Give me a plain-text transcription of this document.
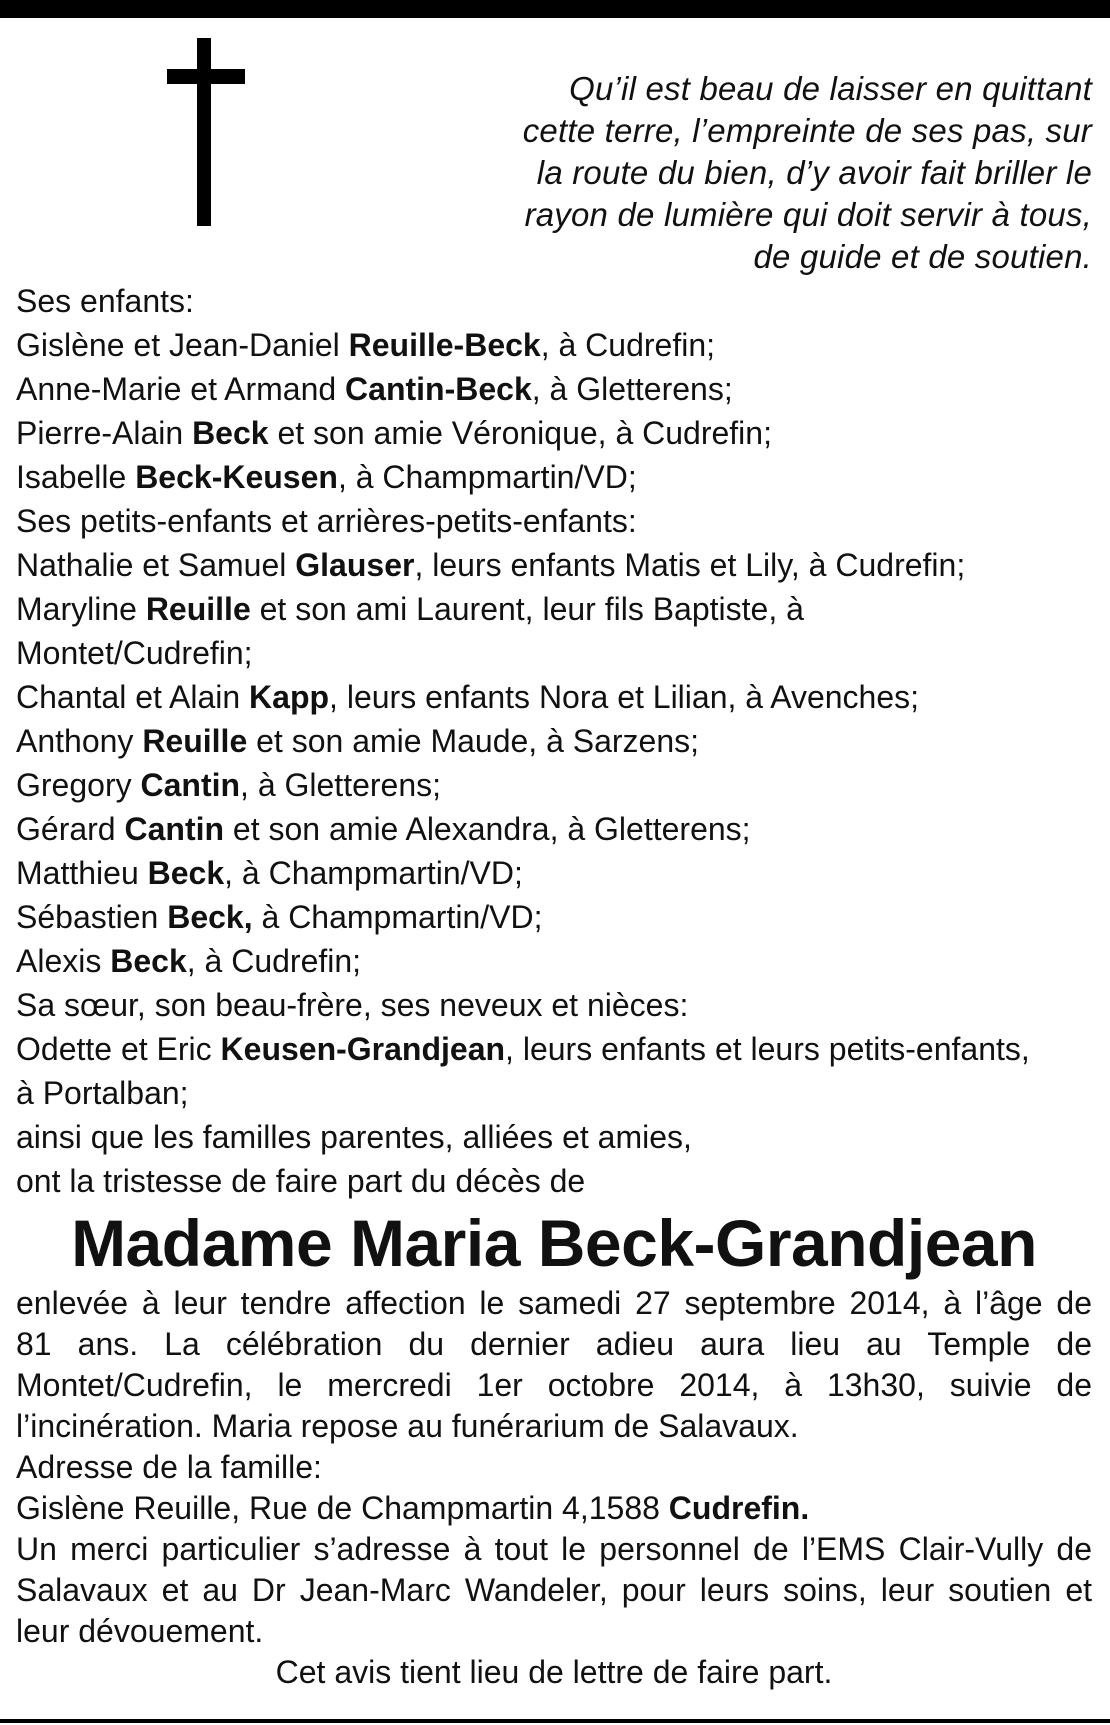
Qu’il est beau de laisser en quittant
cette terre, l’empreinte de ses pas, sur
la route du bien, d’y avoir fait briller le
rayon de lumière qui doit servir à tous,
de guide et de soutien.
Ses enfants:
Gislène et Jean-Daniel Reuille-Beck, à Cudrefin;
Anne-Marie et Armand Cantin-Beck, à Gletterens;
Pierre-Alain Beck et son amie Véronique, à Cudrefin;
Isabelle Beck-Keusen, à Champmartin/VD;
Ses petits-enfants et arrières-petits-enfants:
Nathalie et Samuel Glauser, leurs enfants Matis et Lily, à Cudrefin;
Maryline Reuille et son ami Laurent, leur fils Baptiste, à
Montet/Cudrefin;
Chantal et Alain Kapp, leurs enfants Nora et Lilian, à Avenches;
Anthony Reuille et son amie Maude, à Sarzens;
Gregory Cantin, à Gletterens;
Gérard Cantin et son amie Alexandra, à Gletterens;
Matthieu Beck, à Champmartin/VD;
Sébastien Beck, à Champmartin/VD;
Alexis Beck, à Cudrefin;
Sa sœur, son beau-frère, ses neveux et nièces:
Odette et Eric Keusen-Grandjean, leurs enfants et leurs petits-enfants,
à Portalban;
ainsi que les familles parentes, alliées et amies,
ont la tristesse de faire part du décès de
Madame Maria Beck-Grandjean
enlevée à leur tendre affection le samedi 27 septembre 2014, à l’âge de
81 ans. La célébration du dernier adieu aura lieu au Temple de
Montet/Cudrefin, le mercredi 1er octobre 2014, à 13h30, suivie de
l’incinération. Maria repose au funérarium de Salavaux.
Adresse de la famille:
Gislène Reuille, Rue de Champmartin 4,1588 Cudrefin.
Un merci particulier s’adresse à tout le personnel de l’EMS Clair-Vully de
Salavaux et au Dr Jean-Marc Wandeler, pour leurs soins, leur soutien et
leur dévouement.
Cet avis tient lieu de lettre de faire part.
